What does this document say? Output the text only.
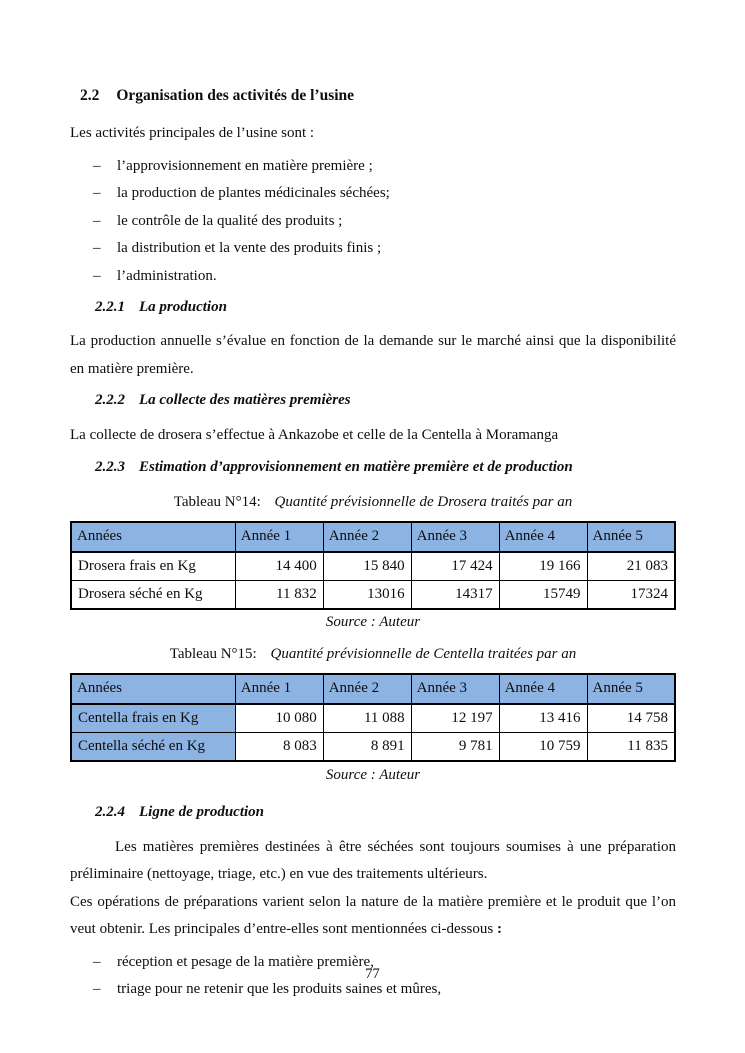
2.2 Organisation des activités de l’usine

Les activités principales de l’usine sont :

–	l’approvisionnement en matière première ;
–	la production de plantes médicinales séchées;
–	le contrôle de la qualité des produits ;
–	la distribution et la vente des produits finis ;
–	l’administration.
2.2.1 La production

La production annuelle s’évalue en fonction de la demande sur le marché ainsi que la disponibilité en matière première.

2.2.2 La collecte des matières premières

La collecte de drosera s’effectue à Ankazobe et celle de la Centella à Moramanga

2.2.3 Estimation d’approvisionnement en matière première et de production
Tableau N°14: Quantité prévisionnelle de Drosera traités par an
Années	Année 1	Année 2	Année 3	Année 4	Année 5
Drosera frais en Kg	14 400	15 840	17 424	19 166	21 083
Drosera séché en Kg	11 832	13016	14317	15749	17324

Source : Auteur

Tableau N°15: Quantité prévisionnelle de Centella traitées par an
Années	Année 1	Année 2	Année 3	Année 4	Année 5
Centella frais en Kg	10 080	11 088	12 197	13 416	14 758
Centella séché en Kg	8 083	8 891	9 781	10 759	11 835

Source : Auteur

2.2.4 Ligne de production

Les matières premières destinées à être séchées sont toujours soumises à une préparation préliminaire (nettoyage, triage, etc.) en vue des traitements ultérieurs.

Ces opérations de préparations varient selon la nature de la matière première et le produit que l’on veut obtenir. Les principales d’entre-elles sont mentionnées ci-dessous :

–	réception et pesage de la matière première,
–	triage pour ne retenir que les produits saines et mûres,
77
